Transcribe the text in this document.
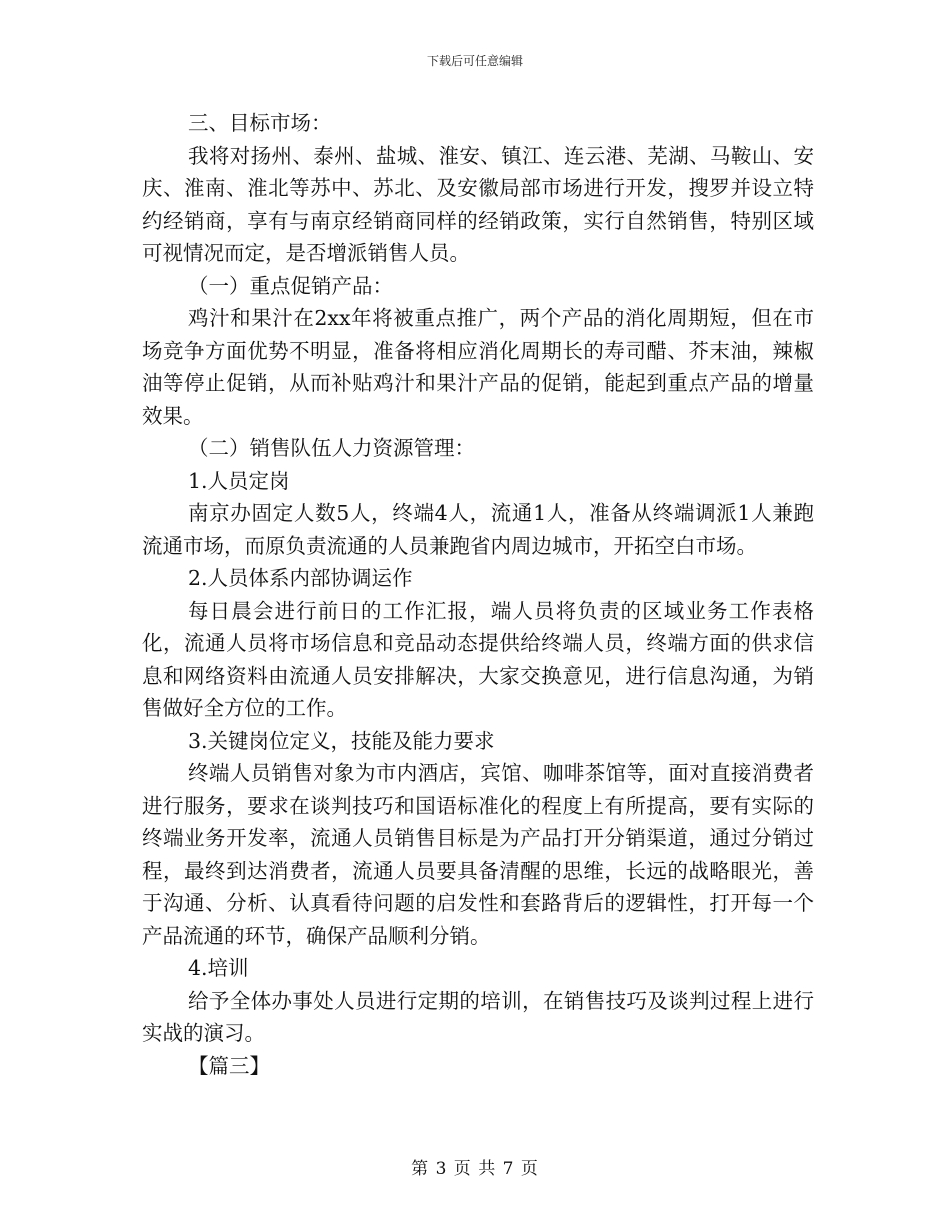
下载后可任意编辑

三、目标市场：

我将对扬州、泰州、盐城、淮安、镇江、连云港、芜湖、马鞍山、安庆、淮南、淮北等苏中、苏北、及安徽局部市场进行开发，搜罗并设立特约经销商，享有与南京经销商同样的经销政策，实行自然销售，特别区域可视情况而定，是否增派销售人员。

（一）重点促销产品：

鸡汁和果汁在2xx年将被重点推广，两个产品的消化周期短，但在市场竞争方面优势不明显，准备将相应消化周期长的寿司醋、芥末油，辣椒油等停止促销，从而补贴鸡汁和果汁产品的促销，能起到重点产品的增量效果。

（二）销售队伍人力资源管理：

1.人员定岗

南京办固定人数5人，终端4人，流通1人，准备从终端调派1人兼跑流通市场，而原负责流通的人员兼跑省内周边城市，开拓空白市场。

2.人员体系内部协调运作

每日晨会进行前日的工作汇报，端人员将负责的区域业务工作表格化，流通人员将市场信息和竞品动态提供给终端人员，终端方面的供求信息和网络资料由流通人员安排解决，大家交换意见，进行信息沟通，为销售做好全方位的工作。

3.关键岗位定义，技能及能力要求

终端人员销售对象为市内酒店，宾馆、咖啡茶馆等，面对直接消费者进行服务，要求在谈判技巧和国语标准化的程度上有所提高，要有实际的终端业务开发率，流通人员销售目标是为产品打开分销渠道，通过分销过程，最终到达消费者，流通人员要具备清醒的思维，长远的战略眼光，善于沟通、分析、认真看待问题的启发性和套路背后的逻辑性，打开每一个产品流通的环节，确保产品顺利分销。

4.培训

给予全体办事处人员进行定期的培训，在销售技巧及谈判过程上进行实战的演习。

【篇三】

第 3 页 共 7 页
